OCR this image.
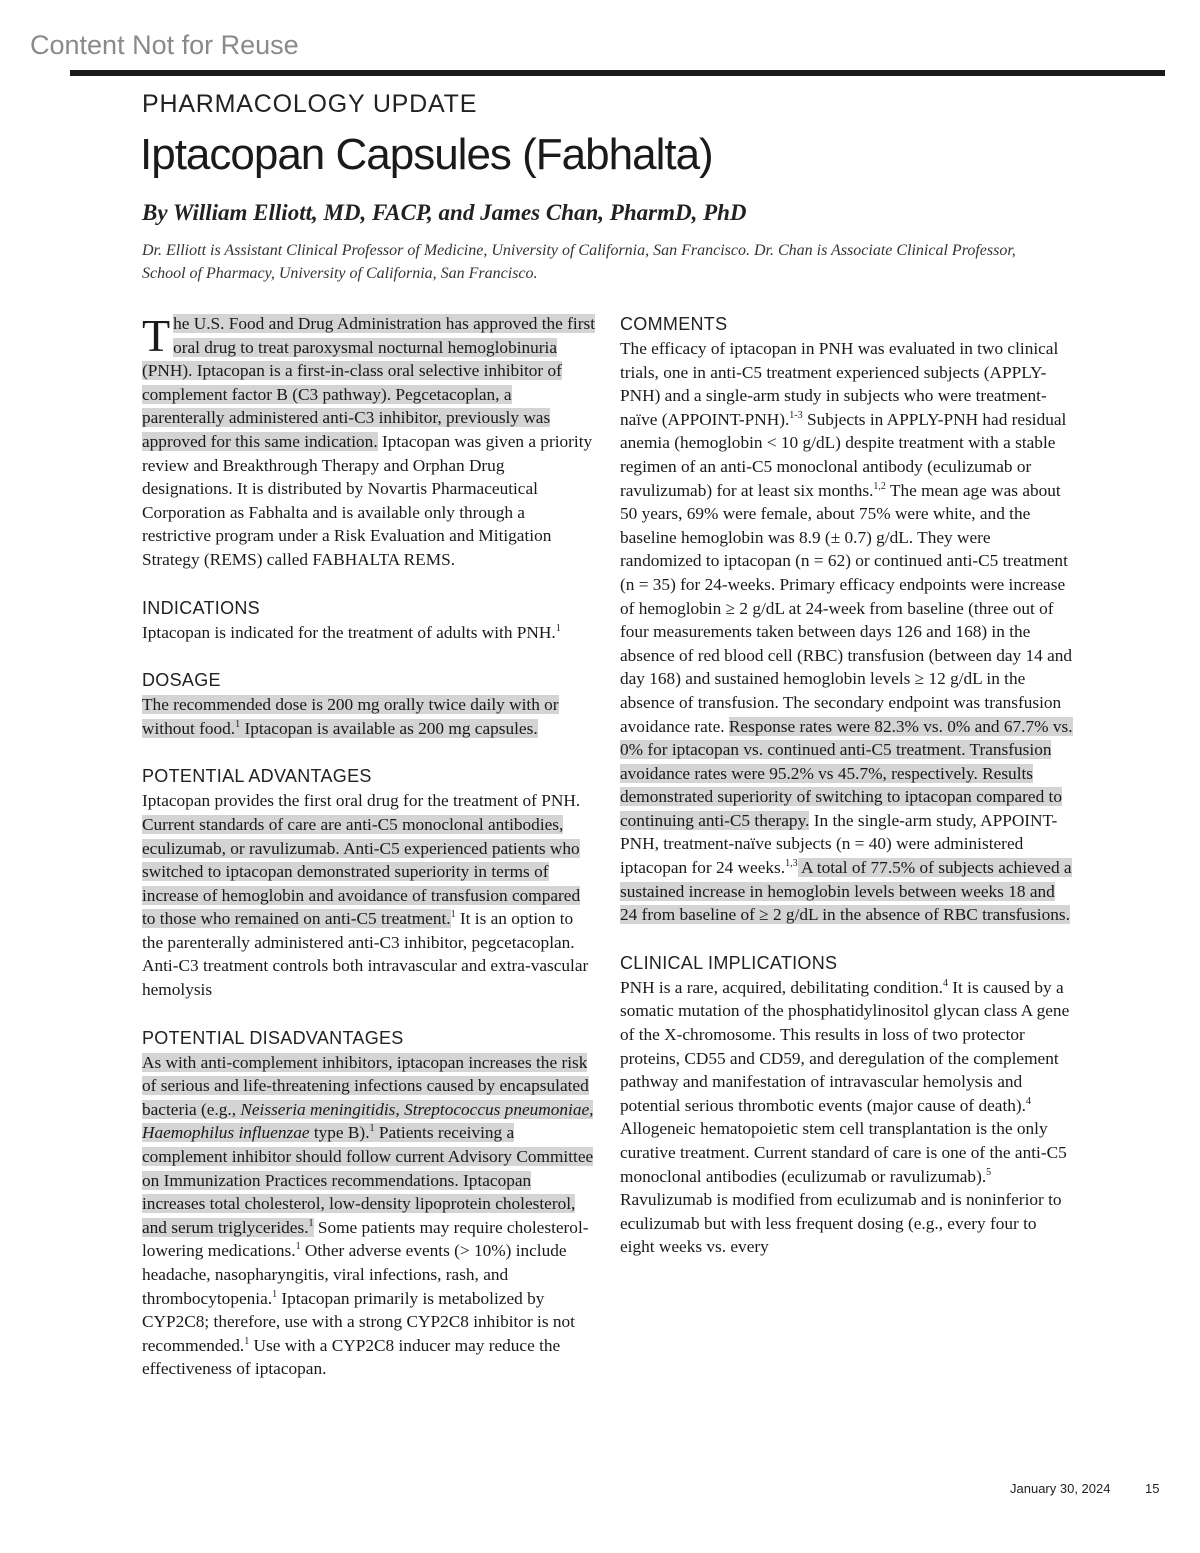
Content Not for Reuse
PHARMACOLOGY UPDATE
Iptacopan Capsules (Fabhalta)
By William Elliott, MD, FACP, and James Chan, PharmD, PhD
Dr. Elliott is Assistant Clinical Professor of Medicine, University of California, San Francisco. Dr. Chan is Associate Clinical Professor, School of Pharmacy, University of California, San Francisco.

The U.S. Food and Drug Administration has approved the first oral drug to treat paroxysmal nocturnal hemoglobinuria (PNH). Iptacopan is a first-in-class oral selective inhibitor of complement factor B (C3 pathway). Pegcetacoplan, a parenterally administered anti-C3 inhibitor, previously was approved for this same indication. Iptacopan was given a priority review and Breakthrough Therapy and Orphan Drug designations. It is distributed by Novartis Pharmaceutical Corporation as Fabhalta and is available only through a restrictive program under a Risk Evaluation and Mitigation Strategy (REMS) called FABHALTA REMS.

INDICATIONS

Iptacopan is indicated for the treatment of adults with PNH.$^1$

DOSAGE

The recommended dose is 200 mg orally twice daily with or without food.$^1$ Iptacopan is available as 200 mg capsules.

POTENTIAL ADVANTAGES

Iptacopan provides the first oral drug for the treatment of PNH. Current standards of care are anti-C5 monoclonal antibodies, eculizumab, or ravulizumab. Anti-C5 experienced patients who switched to iptacopan demonstrated superiority in terms of increase of hemoglobin and avoidance of transfusion compared to those who remained on anti-C5 treatment.$^1$ It is an option to the parenterally administered anti-C3 inhibitor, pegcetacoplan. Anti-C3 treatment controls both intravascular and extra-vascular hemolysis

POTENTIAL DISADVANTAGES

As with anti-complement inhibitors, iptacopan increases the risk of serious and life-threatening infections caused by encapsulated bacteria (e.g., Neisseria meningitidis, Streptococcus pneumoniae, Haemophilus influenzae type B).$^1$ Patients receiving a complement inhibitor should follow current Advisory Committee on Immunization Practices recommendations. Iptacopan increases total cholesterol, low-density lipoprotein cholesterol, and serum triglycerides.$^1$ Some patients may require cholesterol-lowering medications.$^1$ Other adverse events (> 10%) include headache, nasopharyngitis, viral infections, rash, and thrombocytopenia.$^1$ Iptacopan primarily is metabolized by CYP2C8; therefore, use with a strong CYP2C8 inhibitor is not recommended.$^1$ Use with a CYP2C8 inducer may reduce the effectiveness of iptacopan.

COMMENTS

The efficacy of iptacopan in PNH was evaluated in two clinical trials, one in anti-C5 treatment experienced subjects (APPLY-PNH) and a single-arm study in subjects who were treatment-naïve (APPOINT-PNH).$^{1-3}$ Subjects in APPLY-PNH had residual anemia (hemoglobin < 10 g/dL) despite treatment with a stable regimen of an anti-C5 monoclonal antibody (eculizumab or ravulizumab) for at least six months.$^{1,2}$ The mean age was about 50 years, 69% were female, about 75% were white, and the baseline hemoglobin was 8.9 (± 0.7) g/dL. They were randomized to iptacopan (n = 62) or continued anti-C5 treatment (n = 35) for 24-weeks. Primary efficacy endpoints were increase of hemoglobin ≥ 2 g/dL at 24-week from baseline (three out of four measurements taken between days 126 and 168) in the absence of red blood cell (RBC) transfusion (between day 14 and day 168) and sustained hemoglobin levels ≥ 12 g/dL in the absence of transfusion. The secondary endpoint was transfusion avoidance rate. Response rates were 82.3% vs. 0% and 67.7% vs. 0% for iptacopan vs. continued anti-C5 treatment. Transfusion avoidance rates were 95.2% vs 45.7%, respectively. Results demonstrated superiority of switching to iptacopan compared to continuing anti-C5 therapy. In the single-arm study, APPOINT-PNH, treatment-naïve subjects (n = 40) were administered iptacopan for 24 weeks.$^{1,3}$ A total of 77.5% of subjects achieved a sustained increase in hemoglobin levels between weeks 18 and 24 from baseline of ≥ 2 g/dL in the absence of RBC transfusions.

CLINICAL IMPLICATIONS

PNH is a rare, acquired, debilitating condition.$^4$ It is caused by a somatic mutation of the phosphatidylinositol glycan class A gene of the X-chromosome. This results in loss of two protector proteins, CD55 and CD59, and deregulation of the complement pathway and manifestation of intravascular hemolysis and potential serious thrombotic events (major cause of death).$^4$ Allogeneic hematopoietic stem cell transplantation is the only curative treatment. Current standard of care is one of the anti-C5 monoclonal antibodies (eculizumab or ravulizumab).$^5$ Ravulizumab is modified from eculizumab and is noninferior to eculizumab but with less frequent dosing (e.g., every four to eight weeks vs. every

January 30, 2024	15
